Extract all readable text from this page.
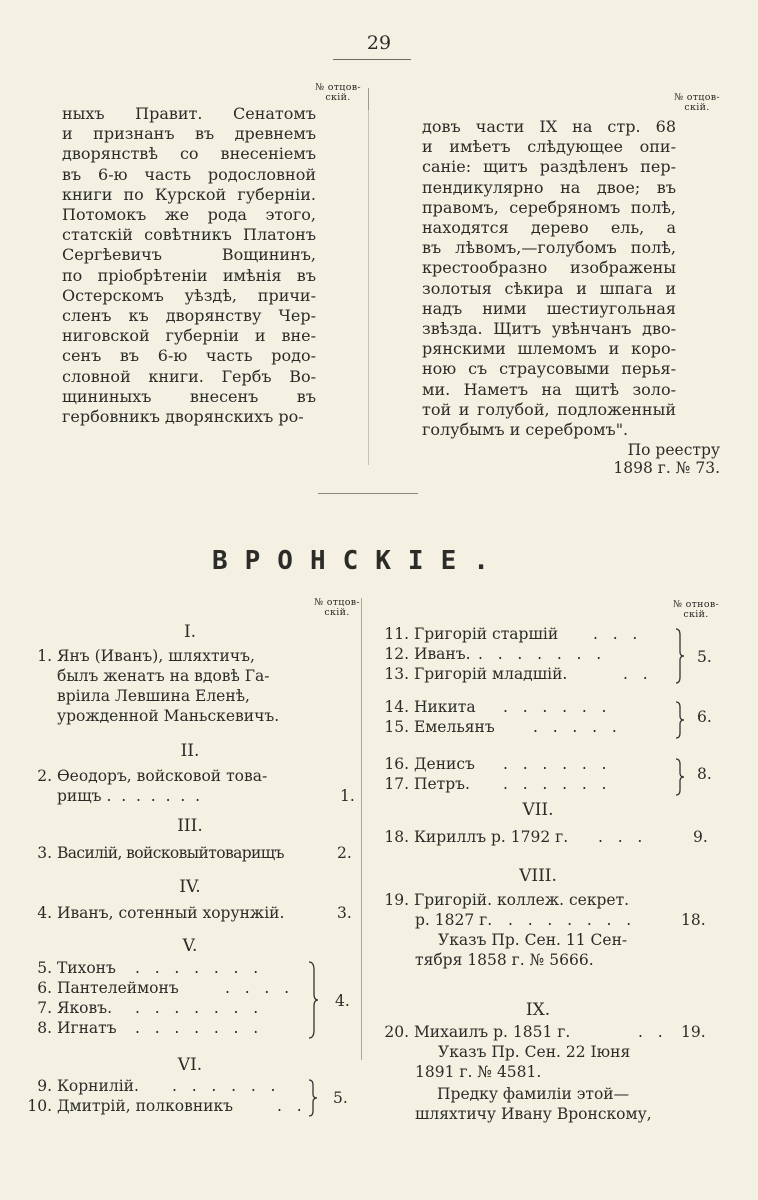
29
№ отцов-
скій.
ныхъ Правит. Сенатомъ
и признанъ въ древнемъ
дворянствѣ со внесеніемъ
въ 6-ю часть родословной
книги по Курской губерніи.
Потомокъ же рода этого,
статскій совѣтникъ Платонъ
Сергѣевичъ Вощининъ,
по пріобрѣтеніи имѣнія въ
Остерскомъ уѣздѣ, причи-
сленъ къ дворянству Чер-
ниговской губерніи и вне-
сенъ въ 6-ю часть родо-
словной книги. Гербъ Во-
щининыхъ внесенъ въ
гербовникъ дворянскихъ ро-
№ отцов-
скій.
довъ части IX на стр. 68
и имѣетъ слѣдующее опи-
саніе: щитъ раздѣленъ пер-
пендикулярно на двое; въ
правомъ, серебряномъ полѣ,
находятся дерево ель, а
въ лѣвомъ,—голубомъ полѣ,
крестообразно изображены
золотыя сѣкира и шпага и
надъ ними шестиугольная
звѣзда. Щитъ увѣнчанъ дво-
рянскими шлемомъ и коро-
ною съ страусовыми перья-
ми. Наметъ на щитѣ золо-
той и голубой, подложенный
голубымъ и серебромъ".
По реестру
1898 г. № 73.
ВРОНСКІЕ.
№ отцов-
скій.
I.
1. Янъ (Иванъ), шляхтичъ,
былъ женатъ на вдовѣ Га-
вріила Левшина Еленѣ,
урожденной Маньскевичъ.
II.
2. Ѳеодоръ, войсковой това-
рищъ .  .  .  .  .  .  .	1.
III.
3. Василій, войсковыйтоварищъ	2.
IV.
4. Иванъ, сотенный хорунжій.	3.
V.
5. Тихонъ .   .   .   .   .   .   .
6. Пантелеймонъ	.   .   .   .
7. Яковъ. .   .   .   .   .   .   .
8. Игнатъ .   .   .   .   .   .   .
4.
VI.
9. Корнилій. .   .   .   .   .   .
10. Дмитрій, полковникъ	.   . 5.
№ отнов-
скій.
11. Григорій старшій .   .   .
12. Иванъ. .   .   .   .   .   .   .
13. Григорій младшій.	.   .
5.
14. Никита .   .   .   .   .   .
15. Емельянъ .   .   .   .   .
6.
16. Денисъ .   .   .   .   .   .
17. Петръ. .   .   .   .   .   .
8.
VII.
18. Кириллъ р. 1792 г. .   .   .	9.
VIII.
19. Григорій. коллеж. секрет.
р. 1827 г. .   .   .   .   .   .   .	18.
Указъ Пр. Сен. 11 Сен-
тября 1858 г. № 5666.
IX.
20. Михаилъ р. 1851 г.	.   . 19.
Указъ Пр. Сен. 22 Іюня
1891 г. № 4581.
Предку фамиліи этой—
шляхтичу Ивану Вронскому,
